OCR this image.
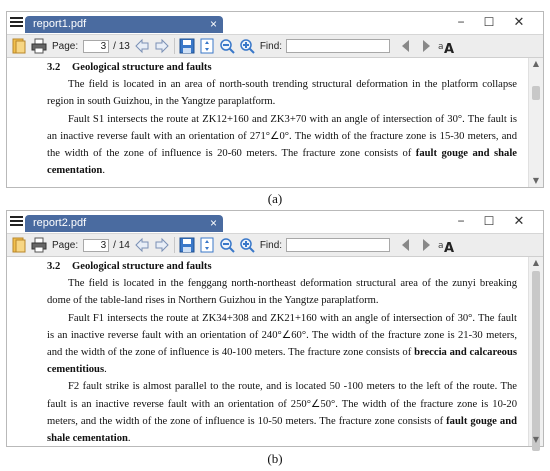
report1.pdf	×	−	☐	✕
Page:	3 / 13	Find:	a A
3.2 Geological structure and faults

The field is located in an area of north-south trending structural deformation in the platform collapse region in south Guizhou, in the Yangtze paraplatform.

Fault S1 intersects the route at ZK12+160 and ZK3+70 with an angle of intersection of 30°. The fault is an inactive reverse fault with an orientation of 271°∠0°. The width of the fracture zone is 15-30 meters, and the width of the zone of influence is 20-60 meters. The fracture zone consists of fault gouge and shale cementation.

▲
▼
(a)
report2.pdf	×	−	☐	✕
Page:	3 / 14	Find:	a A
3.2 Geological structure and faults

The field is located in the fenggang north-northeast deformation structural area of the zunyi breaking dome of the table-land rises in Northern Guizhou in the Yangtze paraplatform.

Fault F1 intersects the route at ZK34+308 and ZK21+160 with an angle of intersection of 30°. The fault is an inactive reverse fault with an orientation of 240°∠60°. The width of the fracture zone is 21-30 meters, and the width of the zone of influence is 40-100 meters. The fracture zone consists of breccia and calcareous cementitious.

F2 fault strike is almost parallel to the route, and is located 50 -100 meters to the left of the route. The fault is an inactive reverse fault with an orientation of 250°∠50°. The width of the fracture zone is 10-20 meters, and the width of the zone of influence is 10-50 meters. The fracture zone consists of fault gouge and shale cementation.

▲
▼
(b)
